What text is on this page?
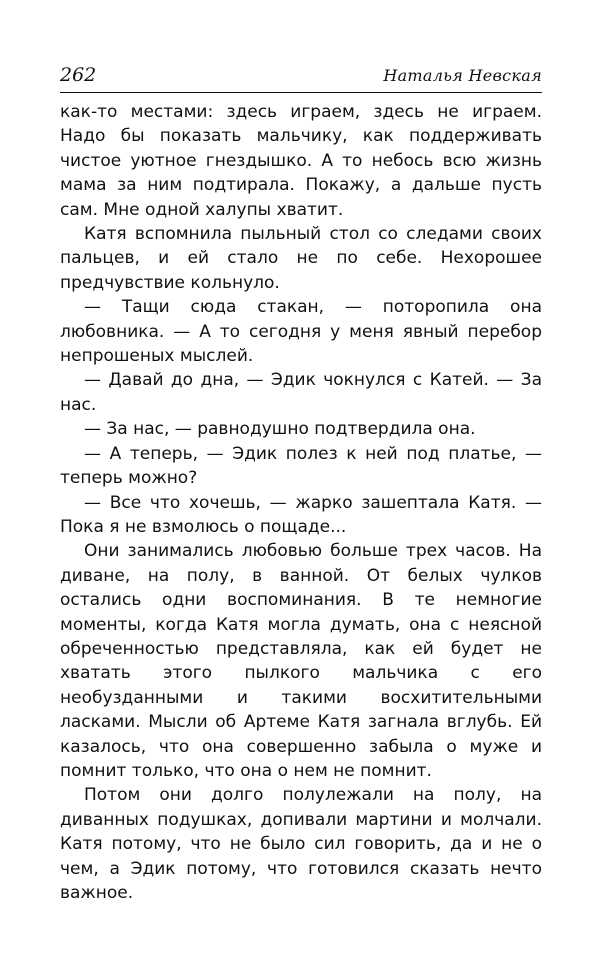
262	Наталья Невская

как-то местами: здесь играем, здесь не играем. Надо бы показать мальчику, как поддерживать чистое уютное гнездышко. А то небось всю жизнь мама за ним подтирала. Покажу, а дальше пусть сам. Мне одной халупы хватит.

Катя вспомнила пыльный стол со следами своих пальцев, и ей стало не по себе. Нехорошее предчувствие кольнуло.

— Тащи сюда стакан, — поторопила она любовника. — А то сегодня у меня явный перебор непрошеных мыслей.

— Давай до дна, — Эдик чокнулся с Катей. — За нас.

— За нас, — равнодушно подтвердила она.

— А теперь, — Эдик полез к ней под платье, — теперь можно?

— Все что хочешь, — жарко зашептала Катя. — Пока я не взмолюсь о пощаде...

Они занимались любовью больше трех часов. На диване, на полу, в ванной. От белых чулков остались одни воспоминания. В те немногие моменты, когда Катя могла думать, она с неясной обреченностью представляла, как ей будет не хватать этого пылкого мальчика с его необузданными и такими восхитительными ласками. Мысли об Артеме Катя загнала вглубь. Ей казалось, что она совершенно забыла о муже и помнит только, что она о нем не помнит.

Потом они долго полулежали на полу, на диванных подушках, допивали мартини и молчали. Катя потому, что не было сил говорить, да и не о чем, а Эдик потому, что готовился сказать нечто важное.
